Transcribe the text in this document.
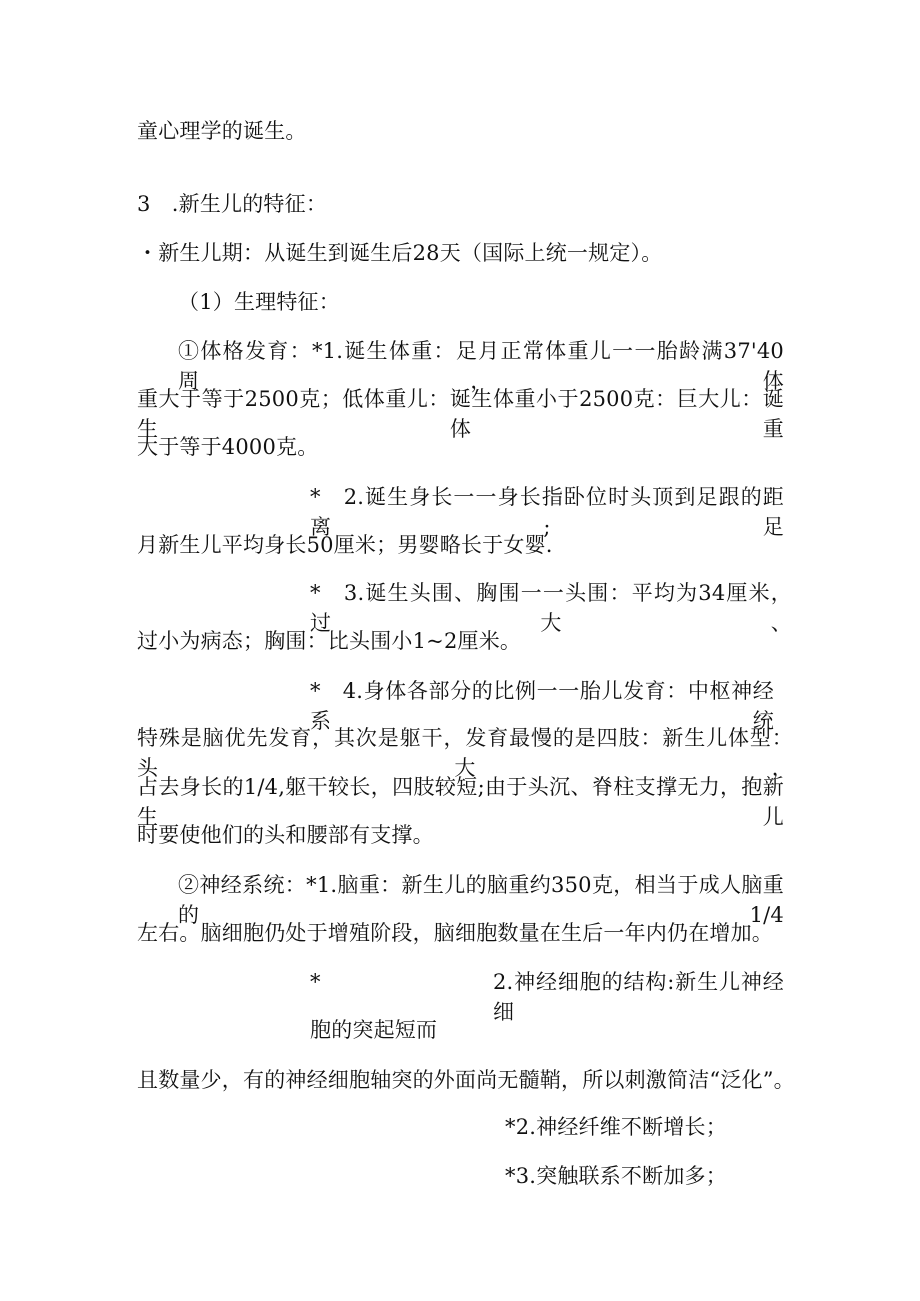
童心理学的诞生。
3　.新生儿的特征：
・新生儿期：从诞生到诞生后28天（国际上统一规定）。
（1）生理特征：
①体格发育：*1.诞生体重：足月正常体重儿一一胎龄满37'40周，体
重大于等于2500克；低体重儿：诞生体重小于2500克：巨大儿：诞生体重
大于等于4000克。
*　2.诞生身长一一身长指卧位时头顶到足跟的距离;足
月新生儿平均身长50厘米；男婴略长于女婴.
*　3.诞生头围、胸围一一头围：平均为34厘米，过大、
过小为病态；胸围：比头围小1~2厘米。
*　4.身体各部分的比例一一胎儿发育：中枢神经系统
特殊是脑优先发育，其次是躯干，发育最慢的是四肢：新生儿体型：头大，
占去身长的1/4,躯干较长，四肢较短;由于头沉、脊柱支撑无力，抱新生儿
时要使他们的头和腰部有支撑。
②神经系统：*1.脑重：新生儿的脑重约350克，相当于成人脑重的1/4
左右。脑细胞仍处于增殖阶段，脑细胞数量在生后一年内仍在增加。
*	2.神经细胞的结构:新生儿神经细
胞的突起短而
且数量少，有的神经细胞轴突的外面尚无髓鞘，所以刺激简洁“泛化”。
*2.神经纤维不断增长；
*3.突触联系不断加多；
